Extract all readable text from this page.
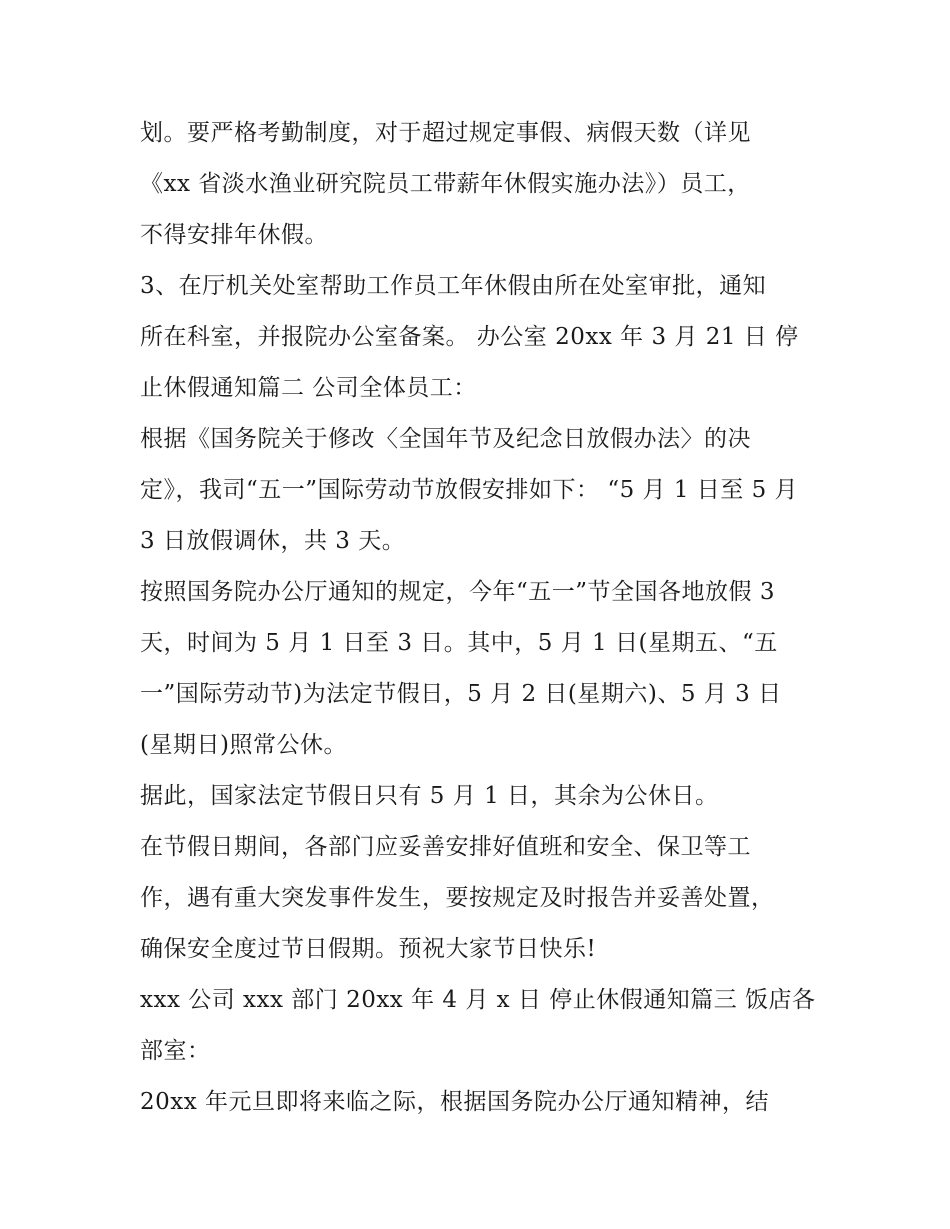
划。要严格考勤制度，对于超过规定事假、病假天数（详见
《xx 省淡水渔业研究院员工带薪年休假实施办法》）员工，
不得安排年休假。
3、在厅机关处室帮助工作员工年休假由所在处室审批，通知
所在科室，并报院办公室备案。 办公室 20xx 年 3 月 21 日 停
止休假通知篇二 公司全体员工：
根据《国务院关于修改〈全国年节及纪念日放假办法〉的决
定》，我司“五一”国际劳动节放假安排如下： “5 月 1 日至 5 月
3 日放假调休，共 3 天。
按照国务院办公厅通知的规定，今年“五一”节全国各地放假 3
天，时间为 5 月 1 日至 3 日。其中，5 月 1 日(星期五、“五
一”国际劳动节)为法定节假日，5 月 2 日(星期六)、5 月 3 日
(星期日)照常公休。
据此，国家法定节假日只有 5 月 1 日，其余为公休日。
在节假日期间，各部门应妥善安排好值班和安全、保卫等工
作，遇有重大突发事件发生，要按规定及时报告并妥善处置，
确保安全度过节日假期。预祝大家节日快乐!
xxx 公司 xxx 部门 20xx 年 4 月 x 日 停止休假通知篇三 饭店各
部室：
20xx 年元旦即将来临之际，根据国务院办公厅通知精神，结
